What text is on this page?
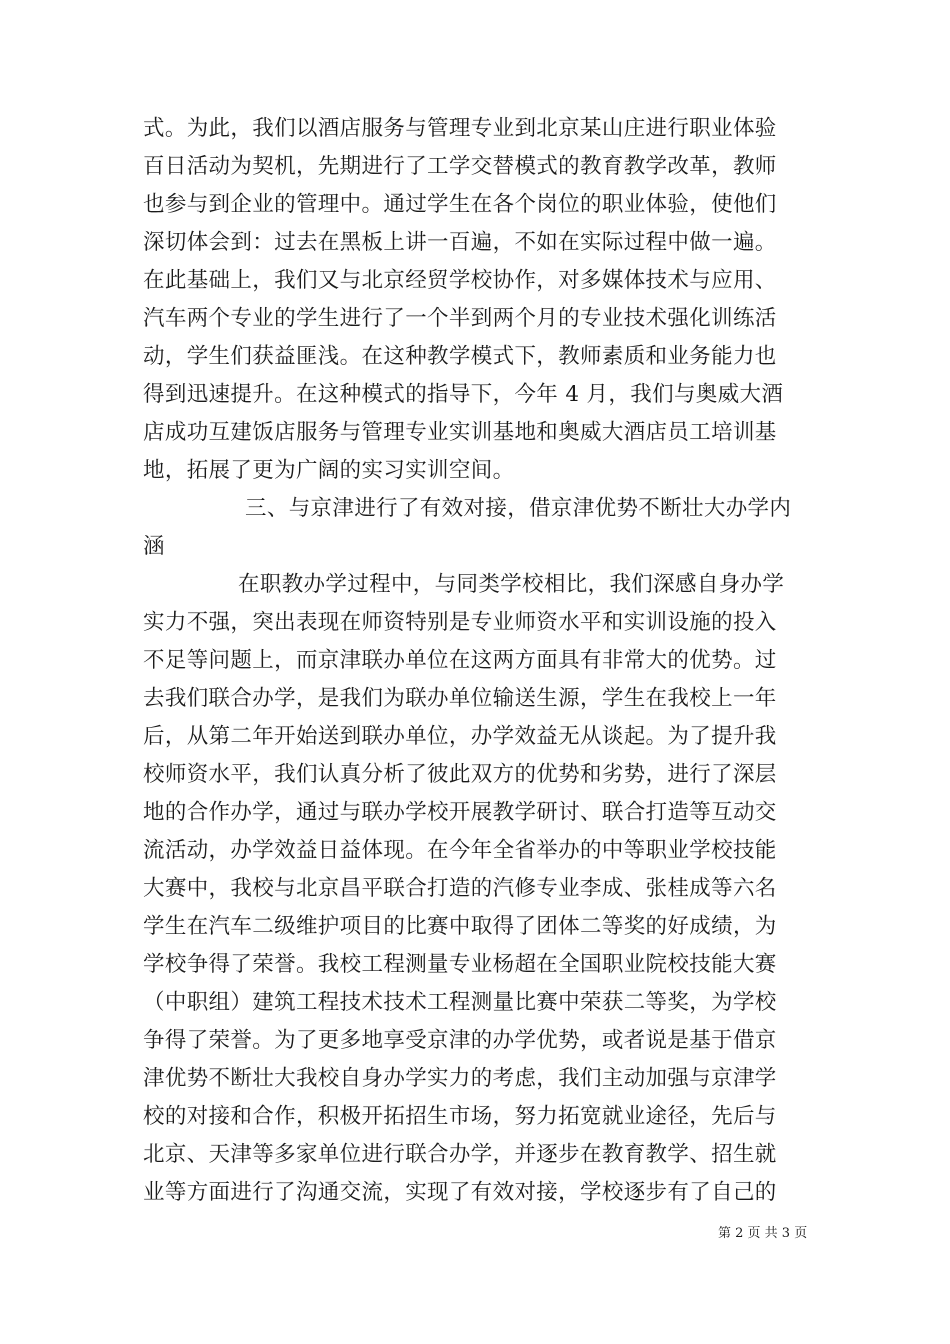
式。为此，我们以酒店服务与管理专业到北京某山庄进行职业体验
百日活动为契机，先期进行了工学交替模式的教育教学改革，教师
也参与到企业的管理中。通过学生在各个岗位的职业体验，使他们
深切体会到：过去在黑板上讲一百遍，不如在实际过程中做一遍。
在此基础上，我们又与北京经贸学校协作，对多媒体技术与应用、
汽车两个专业的学生进行了一个半到两个月的专业技术强化训练活
动，学生们获益匪浅。在这种教学模式下，教师素质和业务能力也
得到迅速提升。在这种模式的指导下，今年 4 月，我们与奥威大酒
店成功互建饭店服务与管理专业实训基地和奥威大酒店员工培训基
地，拓展了更为广阔的实习实训空间。
三、与京津进行了有效对接，借京津优势不断壮大办学内
涵
在职教办学过程中，与同类学校相比，我们深感自身办学
实力不强，突出表现在师资特别是专业师资水平和实训设施的投入
不足等问题上，而京津联办单位在这两方面具有非常大的优势。过
去我们联合办学，是我们为联办单位输送生源，学生在我校上一年
后，从第二年开始送到联办单位，办学效益无从谈起。为了提升我
校师资水平，我们认真分析了彼此双方的优势和劣势，进行了深层
地的合作办学，通过与联办学校开展教学研讨、联合打造等互动交
流活动，办学效益日益体现。在今年全省举办的中等职业学校技能
大赛中，我校与北京昌平联合打造的汽修专业李成、张桂成等六名
学生在汽车二级维护项目的比赛中取得了团体二等奖的好成绩，为
学校争得了荣誉。我校工程测量专业杨超在全国职业院校技能大赛
（中职组）建筑工程技术技术工程测量比赛中荣获二等奖，为学校
争得了荣誉。为了更多地享受京津的办学优势，或者说是基于借京
津优势不断壮大我校自身办学实力的考虑，我们主动加强与京津学
校的对接和合作，积极开拓招生市场，努力拓宽就业途径，先后与
北京、天津等多家单位进行联合办学，并逐步在教育教学、招生就
业等方面进行了沟通交流，实现了有效对接，学校逐步有了自己的
第 2 页 共 3 页
